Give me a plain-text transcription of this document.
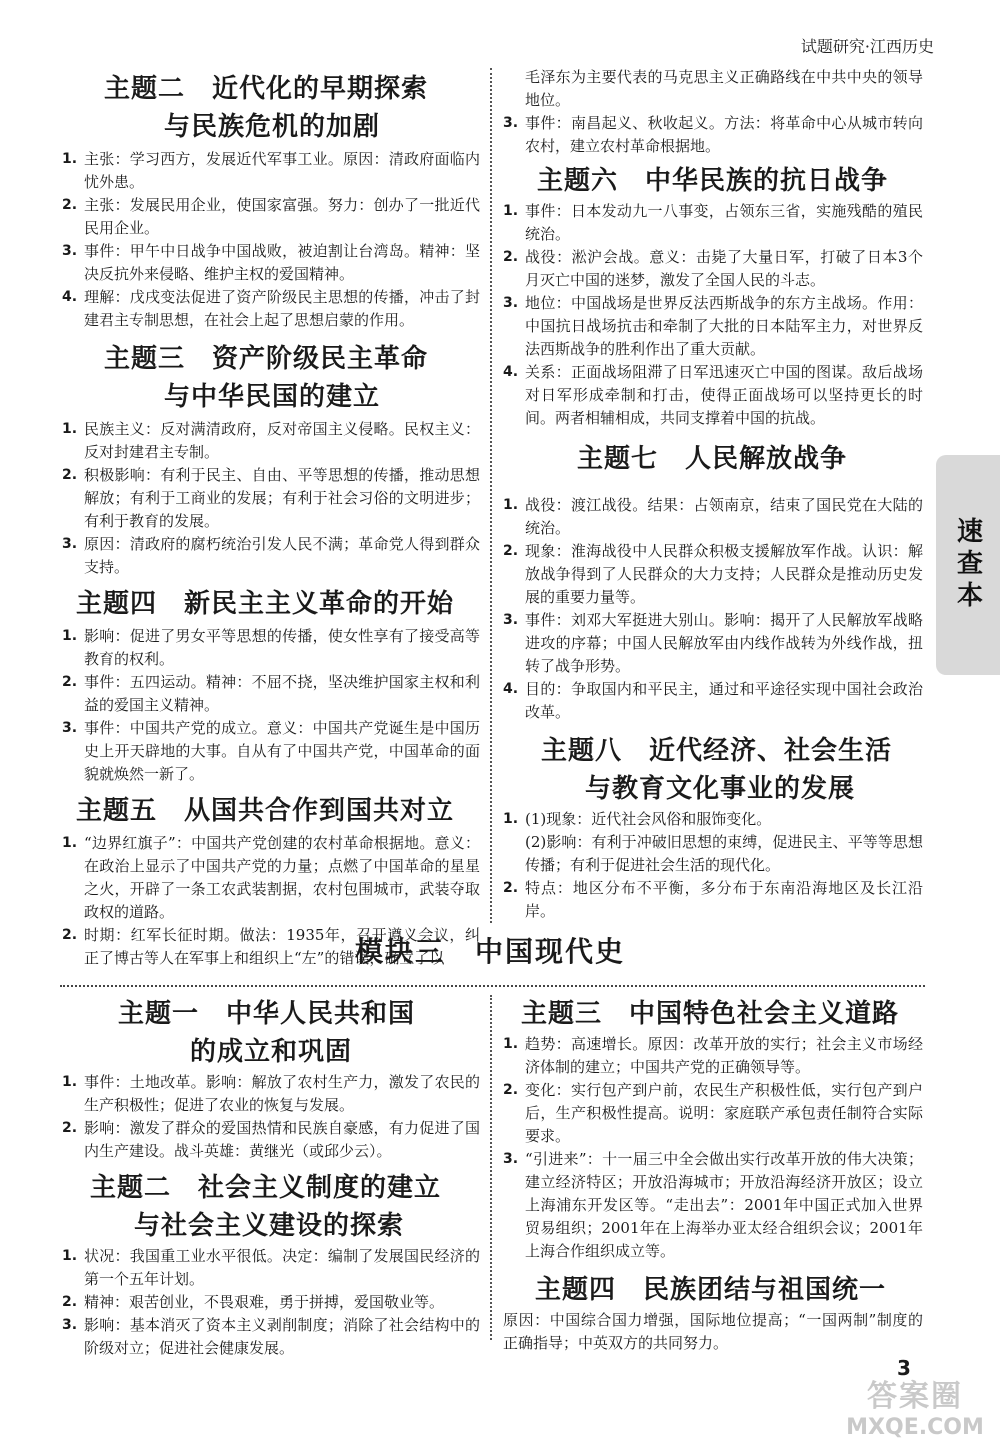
试题研究·江西历史
主题二　近代化的早期探索
与民族危机的加剧
1. 主张：学习西方，发展近代军事工业。原因：清政府面临内忧外患。
2. 主张：发展民用企业，使国家富强。努力：创办了一批近代民用企业。
3. 事件：甲午中日战争中国战败，被迫割让台湾岛。精神：坚决反抗外来侵略、维护主权的爱国精神。
4. 理解：戊戌变法促进了资产阶级民主思想的传播，冲击了封建君主专制思想，在社会上起了思想启蒙的作用。
主题三　资产阶级民主革命
与中华民国的建立
1. 民族主义：反对满清政府，反对帝国主义侵略。民权主义：反对封建君主专制。
2. 积极影响：有利于民主、自由、平等思想的传播，推动思想解放；有利于工商业的发展；有利于社会习俗的文明进步；有利于教育的发展。
3. 原因：清政府的腐朽统治引发人民不满；革命党人得到群众支持。
主题四　新民主主义革命的开始
1. 影响：促进了男女平等思想的传播，使女性享有了接受高等教育的权利。
2. 事件：五四运动。精神：不屈不挠，坚决维护国家主权和利益的爱国主义精神。
3. 事件：中国共产党的成立。意义：中国共产党诞生是中国历史上开天辟地的大事。自从有了中国共产党，中国革命的面貌就焕然一新了。
主题五　从国共合作到国共对立
1. “边界红旗子”：中国共产党创建的农村革命根据地。意义：在政治上显示了中国共产党的力量；点燃了中国革命的星星之火，开辟了一条工农武装割据，农村包围城市，武装夺取政权的道路。
2. 时期：红军长征时期。做法：1935年，召开遵义会议，纠正了博古等人在军事上和组织上“左”的错误，确立了以

毛泽东为主要代表的马克思主义正确路线在中共中央的领导地位。

3. 事件：南昌起义、秋收起义。方法：将革命中心从城市转向农村，建立农村革命根据地。
主题六　中华民族的抗日战争
1. 事件：日本发动九一八事变，占领东三省，实施残酷的殖民统治。
2. 战役：淞沪会战。意义：击毙了大量日军，打破了日本3个月灭亡中国的迷梦，激发了全国人民的斗志。
3. 地位：中国战场是世界反法西斯战争的东方主战场。作用：中国抗日战场抗击和牵制了大批的日本陆军主力，对世界反法西斯战争的胜利作出了重大贡献。
4. 关系：正面战场阻滞了日军迅速灭亡中国的图谋。敌后战场对日军形成牵制和打击，使得正面战场可以坚持更长的时间。两者相辅相成，共同支撑着中国的抗战。
主题七　人民解放战争
1. 战役：渡江战役。结果：占领南京，结束了国民党在大陆的统治。
2. 现象：淮海战役中人民群众积极支援解放军作战。认识：解放战争得到了人民群众的大力支持；人民群众是推动历史发展的重要力量等。
3. 事件：刘邓大军挺进大别山。影响：揭开了人民解放军战略进攻的序幕；中国人民解放军由内线作战转为外线作战，扭转了战争形势。
4. 目的：争取国内和平民主，通过和平途径实现中国社会政治改革。
主题八　近代经济、社会生活
与教育文化事业的发展
1. (1)现象：近代社会风俗和服饰变化。
(2)影响：有利于冲破旧思想的束缚，促进民主、平等等思想传播；有利于促进社会生活的现代化。
2. 特点：地区分布不平衡，多分布于东南沿海地区及长江沿岸。
速查本
模块三　中国现代史
主题一　中华人民共和国
的成立和巩固
1. 事件：土地改革。影响：解放了农村生产力，激发了农民的生产积极性；促进了农业的恢复与发展。
2. 影响：激发了群众的爱国热情和民族自豪感，有力促进了国内生产建设。战斗英雄：黄继光（或邱少云）。
主题二　社会主义制度的建立
与社会主义建设的探索
1. 状况：我国重工业水平很低。决定：编制了发展国民经济的第一个五年计划。
2. 精神：艰苦创业，不畏艰难，勇于拼搏，爱国敬业等。
3. 影响：基本消灭了资本主义剥削制度；消除了社会结构中的阶级对立；促进社会健康发展。
主题三　中国特色社会主义道路
1. 趋势：高速增长。原因：改革开放的实行；社会主义市场经济体制的建立；中国共产党的正确领导等。
2. 变化：实行包产到户前，农民生产积极性低，实行包产到户后，生产积极性提高。说明：家庭联产承包责任制符合实际要求。
3. “引进来”：十一届三中全会做出实行改革开放的伟大决策；建立经济特区；开放沿海城市；开放沿海经济开放区；设立上海浦东开发区等。“走出去”：2001年中国正式加入世界贸易组织；2001年在上海举办亚太经合组织会议；2001年上海合作组织成立等。
主题四　民族团结与祖国统一

原因：中国综合国力增强，国际地位提高；“一国两制”制度的正确指导；中英双方的共同努力。

3
答案圈
MXQE.COM
